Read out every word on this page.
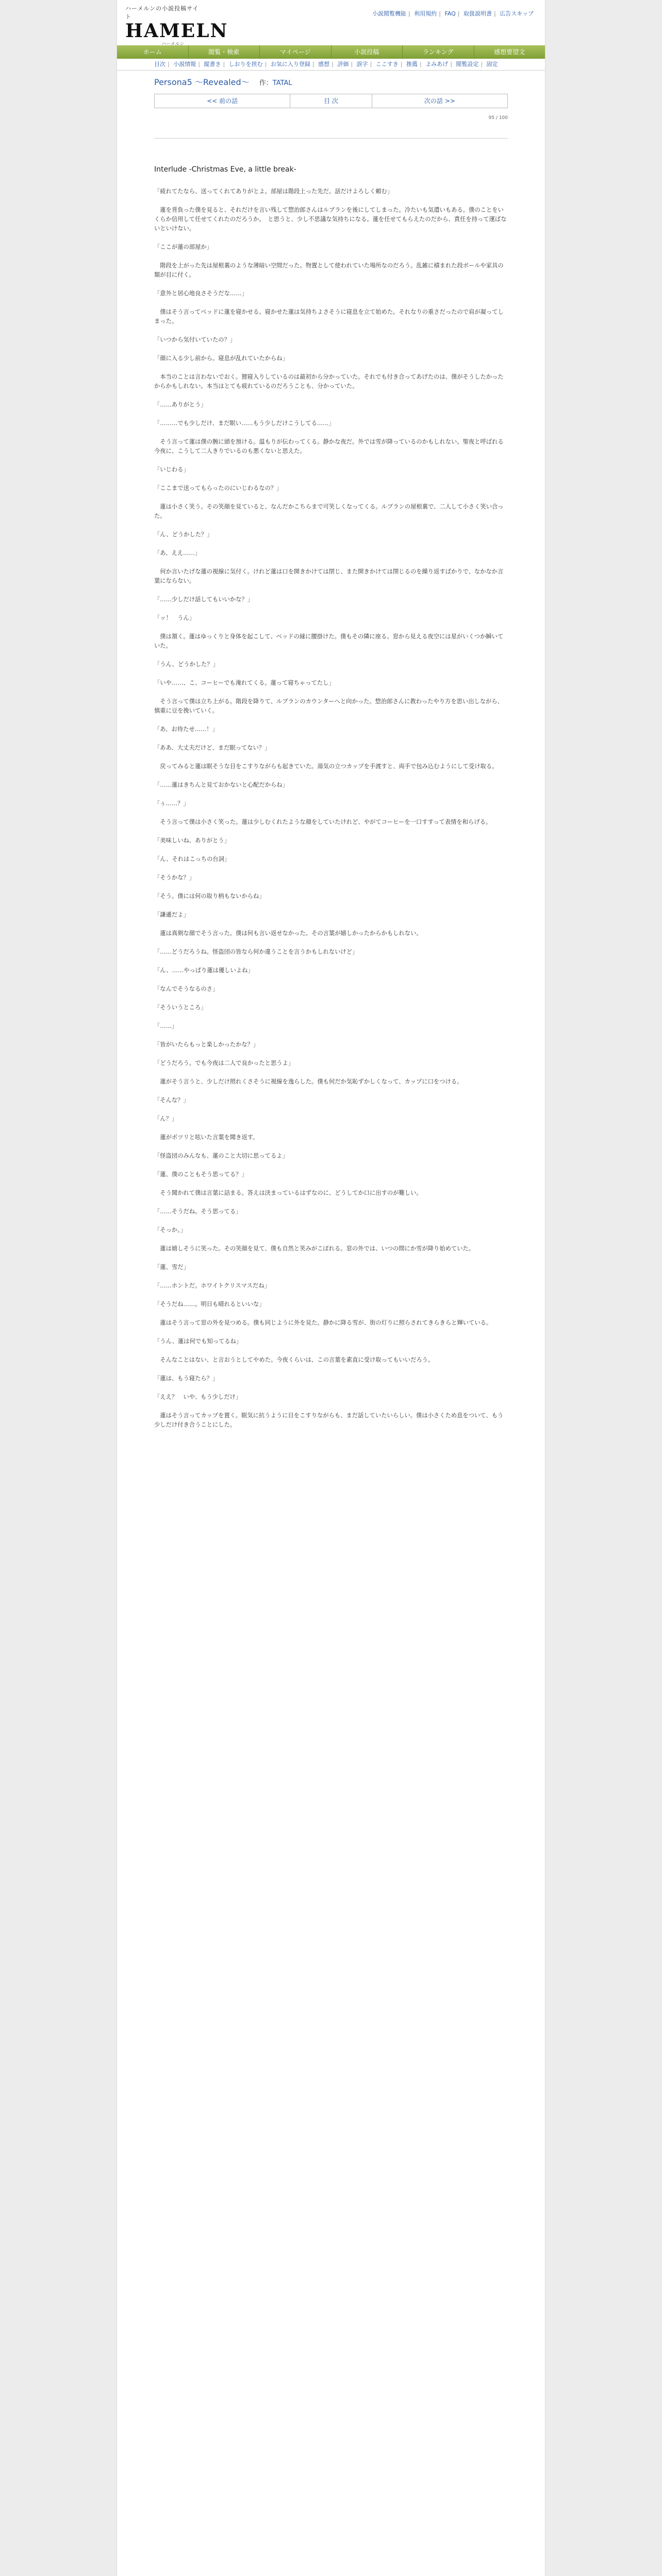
ハーメルンの小説投稿サイト
HAMELN
ハーメルン
小説閲覧機能 | 利用規約 | FAQ | 取扱説明書 | 広告スキップ
ホーム	閲覧・検索	マイページ	小説投稿	ランキング	感想要望文
目次 | 小説情報 | 縦書き | しおりを挟む | お気に入り登録 | 感想 | 評価 | 誤字 | ここすき | 推薦 | よみあげ | 閲覧設定 | 固定
Persona5 ～Revealed～ 作：TATAL
<< 前の話	目 次	次の話 >>
95 / 100
Interlude -Christmas Eve, a little break-

「疲れてたなら、送ってくれてありがとよ。部屋は階段上った先だ。話だけよろしく頼む」

　蓮を背負った僕を見ると、それだけを言い残して惣治郎さんはルブランを後にしてしまった。冷たいも気遣いもある。僕のことをいくらか信用して任せてくれたのだろうか。　と思うと、少し不思議な気持ちになる。蓮を任せてもらえたのだから、責任を持って運ばないといけない。

「ここが蓮の部屋か」

　階段を上がった先は屋根裏のような薄暗い空間だった。物置として使われていた場所なのだろう。乱雑に積まれた段ボールや家具の類が目に付く。

「意外と居心地良さそうだな……」

　僕はそう言ってベッドに蓮を寝かせる。寝かせた蓮は気持ちよさそうに寝息を立て始めた。それなりの重さだったので肩が凝ってしまった。

「いつから気付いていたの？」

「顔に入る少し前から。寝息が乱れていたからね」

　本当のことは言わないでおく。狸寝入りしているのは最初から分かっていた。それでも付き合ってあげたのは、僕がそうしたかったからかもしれない。本当はとても疲れているのだろうことも、分かっていた。

「……ありがとう」

「………でも少しだけ、まだ眠い……もう少しだけこうしてる……」

　そう言って蓮は僕の腕に頭を預ける。温もりが伝わってくる。静かな夜だ。外では雪が降っているのかもしれない。聖夜と呼ばれる今夜に、こうして二人きりでいるのも悪くないと思えた。

「いじわる」

「ここまで送ってもらったのにいじわるなの？」

　蓮は小さく笑う。その笑顔を見ていると、なんだかこちらまで可笑しくなってくる。ルブランの屋根裏で、二人して小さく笑い合った。

「ん、どうかした？」

「あ、ええ……」

　何か言いたげな蓮の視線に気付く。けれど蓮は口を開きかけては閉じ、また開きかけては閉じるのを繰り返すばかりで、なかなか言葉にならない。

「……少しだけ話してもいいかな？」

「ッ！　うん」

　僕は頷く。蓮はゆっくりと身体を起こして、ベッドの縁に腰掛けた。僕もその隣に座る。窓から見える夜空には星がいくつか瞬いていた。

「うん、どうかした？」

「いや……、こ、コーヒーでも淹れてくる。蓮って寝ちゃってたし」

　そう言って僕は立ち上がる。階段を降りて、ルブランのカウンターへと向かった。惣治郎さんに教わったやり方を思い出しながら、慎重に豆を挽いていく。

「あ、お待たせ……！」

「ああ、大丈夫だけど、まだ眠ってない？」

　戻ってみると蓮は眠そうな目をこすりながらも起きていた。湯気の立つカップを手渡すと、両手で包み込むようにして受け取る。

「……蓮はきちんと見ておかないと心配だからね」

「ぅ……？」

　そう言って僕は小さく笑った。蓮は少しむくれたような顔をしていたけれど、やがてコーヒーを一口すすって表情を和らげる。

「美味しいね、ありがとう」

「ん、それはこっちの台詞」

「そうかな？」

「そう。僕には何の取り柄もないからね」

「謙遜だよ」

　蓮は真剣な顔でそう言った。僕は何も言い返せなかった。その言葉が嬉しかったからかもしれない。

「……どうだろうね。怪盗団の皆なら何か違うことを言うかもしれないけど」

「ん、……やっぱり蓮は優しいよね」

「なんでそうなるのさ」

「そういうところ」

「……」

「皆がいたらもっと楽しかったかな？」

「どうだろう。でも今夜は二人で良かったと思うよ」

　蓮がそう言うと、少しだけ照れくさそうに視線を逸らした。僕も何だか気恥ずかしくなって、カップに口をつける。

「そんな？」

「ん？」

　蓮がポツリと呟いた言葉を聞き返す。

「怪盗団のみんなも、蓮のこと大切に思ってるよ」

「蓮、僕のこともそう思ってる？」

　そう聞かれて僕は言葉に詰まる。答えは決まっているはずなのに、どうしてか口に出すのが難しい。

「……そうだね。そう思ってる」

「そっか。」

　蓮は嬉しそうに笑った。その笑顔を見て、僕も自然と笑みがこぼれる。窓の外では、いつの間にか雪が降り始めていた。

「蓮、雪だ」

「……ホントだ。ホワイトクリスマスだね」

「そうだね……。明日も晴れるといいな」

　蓮はそう言って窓の外を見つめる。僕も同じように外を見た。静かに降る雪が、街の灯りに照らされてきらきらと輝いている。

「うん、蓮は何でも知ってるね」

　そんなことはない、と言おうとしてやめた。今夜くらいは、この言葉を素直に受け取ってもいいだろう。

「蓮は、もう寝たら？」

「ええ？　いや、もう少しだけ」

　蓮はそう言ってカップを置く。眠気に抗うように目をこすりながらも、まだ話していたいらしい。僕は小さくため息をついて、もう少しだけ付き合うことにした。
